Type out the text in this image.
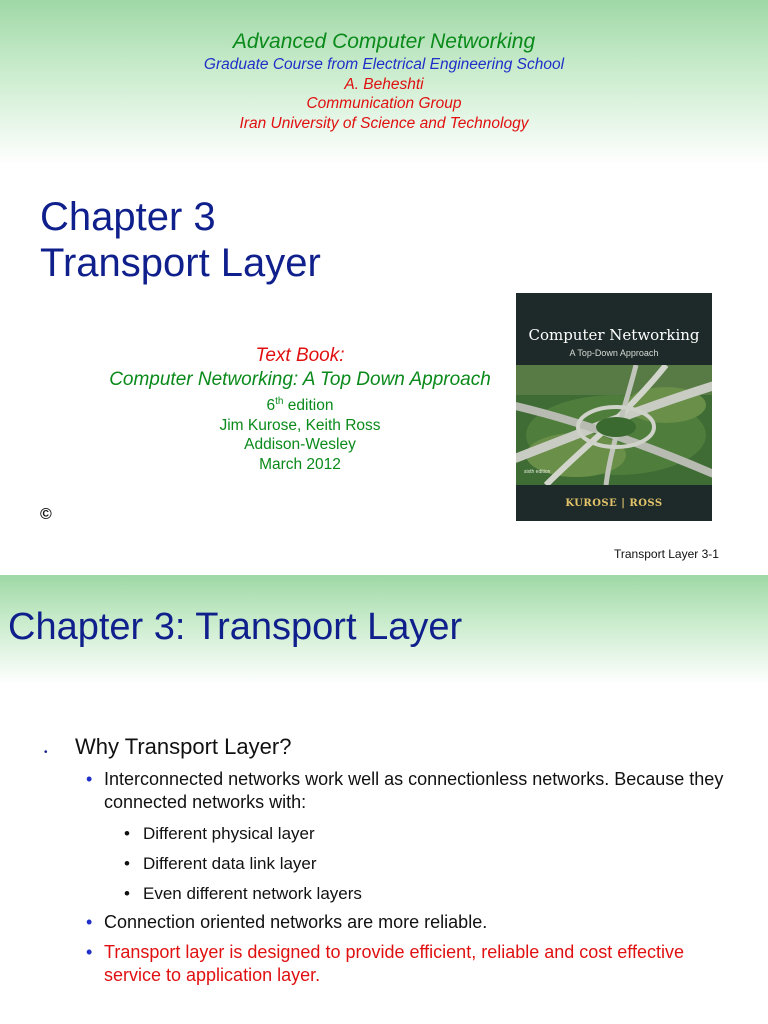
Advanced Computer Networking
Graduate Course from Electrical Engineering School
A. Beheshti
Communication Group
Iran University of Science and Technology
Chapter 3
Transport Layer
Text Book:
Computer Networking: A Top Down Approach
6th edition
Jim Kurose, Keith Ross
Addison-Wesley
March 2012
Computer Networking
A Top-Down Approach
sixth edition
KUROSE | ROSS
©
Transport Layer 3-1
Chapter 3: Transport Layer
• Why Transport Layer?
• Interconnected networks work well as connectionless networks. Because they connected networks with:
• Different physical layer
• Different data link layer
• Even different network layers
• Connection oriented networks are more reliable.
• Transport layer is designed to provide efficient, reliable and cost effective service to application layer.
